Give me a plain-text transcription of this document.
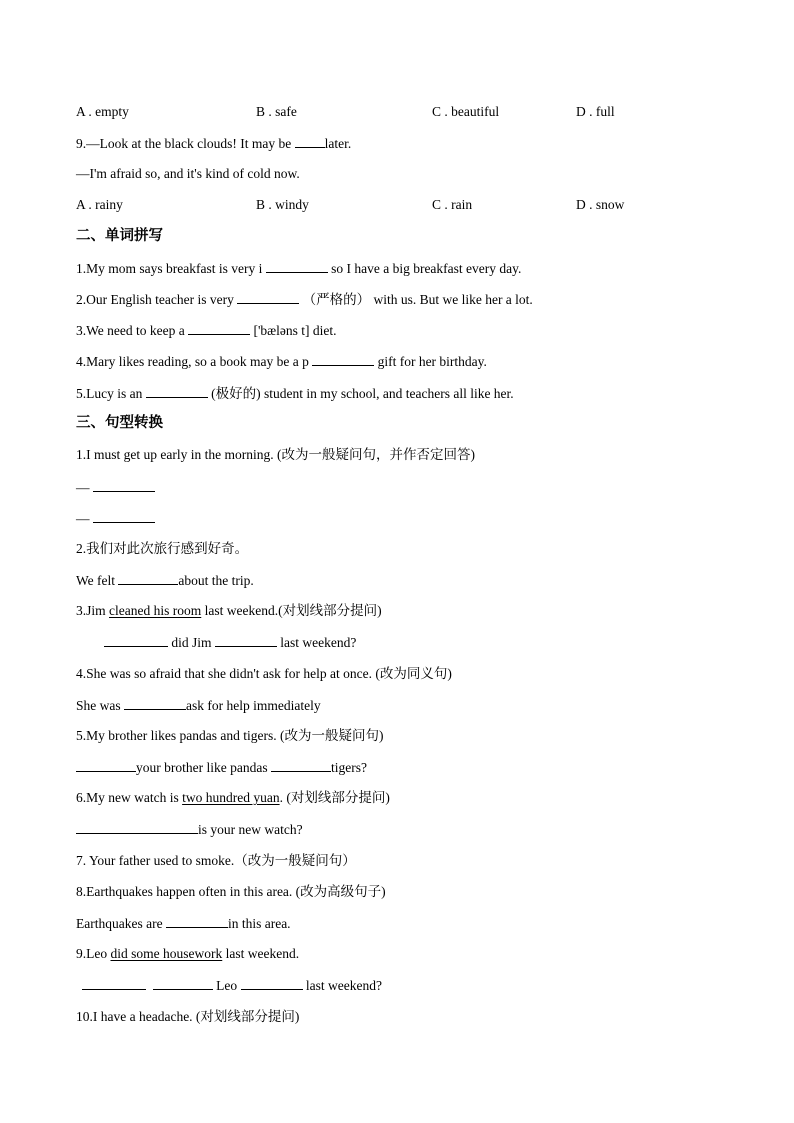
A . empty	B . safe	C . beautiful	D . full
9.—Look at the black clouds! It may be later.
—I'm afraid so, and it's kind of cold now.
A . rainy	B . windy	C . rain	D . snow
二、单词拼写
1.My mom says breakfast is very i	so I have a big breakfast every day.
2.Our English teacher is very	（严格的） with us. But we like her a lot.
3.We need to keep a	['bæləns t] diet.
4.Mary likes reading, so a book may be a p	gift for her birthday.
5.Lucy is an	(极好的) student in my school, and teachers all like her.
三、句型转换
1.I must get up early in the morning. (改为一般疑问句，并作否定回答)
—
—
2.我们对此次旅行感到好奇。
We felt	about the trip.
3.Jim cleaned his room last weekend.(对划线部分提问)
did Jim	last weekend?
4.She was so afraid that she didn't ask for help at once. (改为同义句)
She was	ask for help immediately
5.My brother likes pandas and tigers. (改为一般疑问句)
your brother like pandas	tigers?
6.My new watch is two hundred yuan. (对划线部分提问)
is your new watch?
7. Your father used to smoke.（改为一般疑问句）
8.Earthquakes happen often in this area. (改为高级句子)
Earthquakes are	in this area.
9.Leo did some housework last weekend.
Leo	last weekend?
10.I have a headache. (对划线部分提问)
